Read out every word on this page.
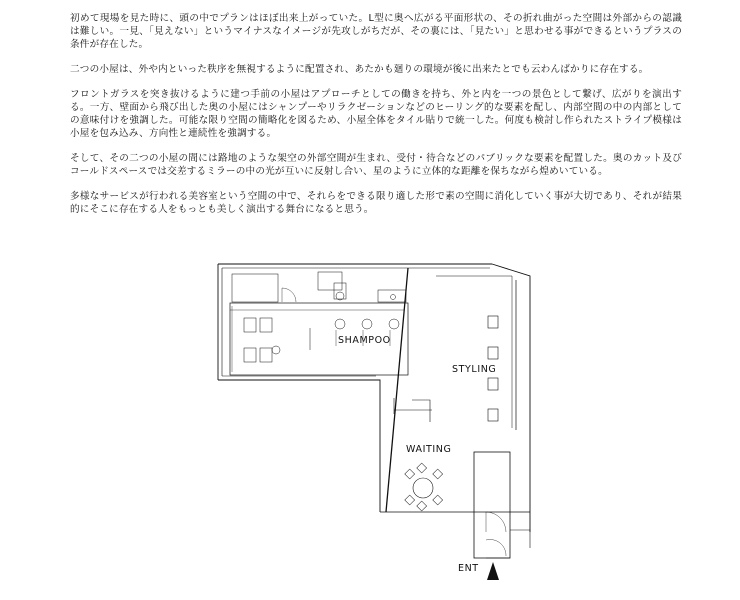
初めて現場を見た時に、頭の中でプランはほぼ出来上がっていた。L型に奥へ広がる平面形状の、その折れ曲がった空間は外部からの認識は難しい。一見、「見えない」というマイナスなイメージが先攻しがちだが、その裏には、「見たい」と思わせる事ができるというプラスの条件が存在した。

二つの小屋は、外や内といった秩序を無視するように配置され、あたかも廻りの環境が後に出来たとでも云わんばかりに存在する。

フロントガラスを突き抜けるように建つ手前の小屋はアプローチとしての働きを持ち、外と内を一つの景色として繋げ、広がりを演出する。一方、壁面から飛び出した奥の小屋にはシャンプーやリラクゼーションなどのヒーリング的な要素を配し、内部空間の中の内部としての意味付けを強調した。可能な限り空間の簡略化を図るため、小屋全体をタイル貼りで統一した。何度も検討し作られたストライプ模様は小屋を包み込み、方向性と連続性を強調する。

そして、その二つの小屋の間には路地のような架空の外部空間が生まれ、受付・待合などのパブリックな要素を配置した。奥のカット及びコールドスペースでは交差するミラーの中の光が互いに反射し合い、星のように立体的な距離を保ちながら煌めいている。

多様なサービスが行われる美容室という空間の中で、それらをできる限り適した形で素の空間に消化していく事が大切であり、それが結果的にそこに存在する人をもっとも美しく演出する舞台になると思う。

SHAMPOO
STYLING
WAITING
ENT
